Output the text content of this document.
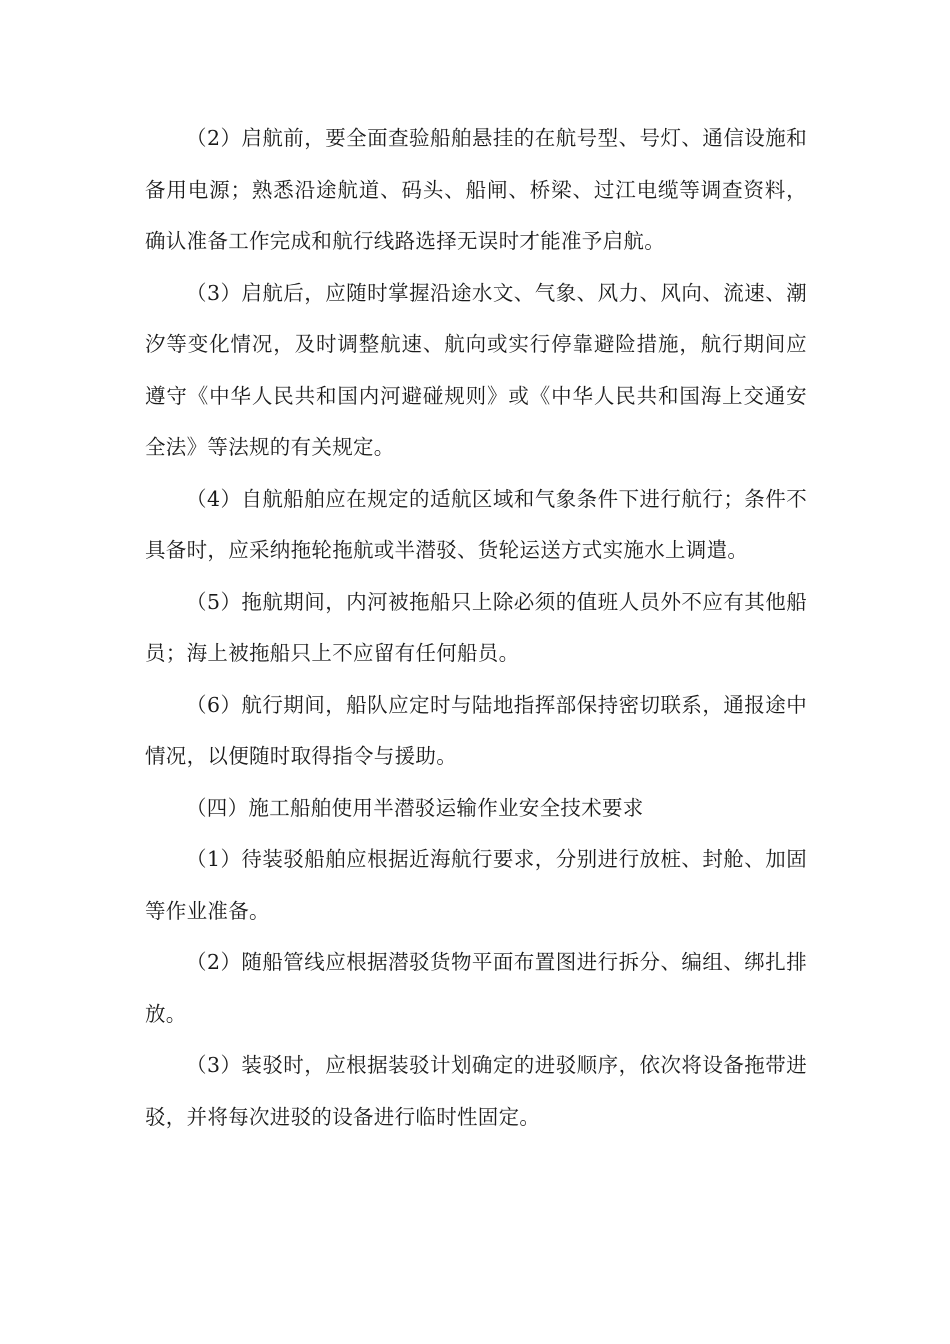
（2）启航前，要全面查验船舶悬挂的在航号型、号灯、通信设施和备用电源；熟悉沿途航道、码头、船闸、桥梁、过江电缆等调查资料，确认准备工作完成和航行线路选择无误时才能准予启航。

（3）启航后，应随时掌握沿途水文、气象、风力、风向、流速、潮汐等变化情况，及时调整航速、航向或实行停靠避险措施，航行期间应遵守《中华人民共和国内河避碰规则》或《中华人民共和国海上交通安全法》等法规的有关规定。

（4）自航船舶应在规定的适航区域和气象条件下进行航行；条件不具备时，应采纳拖轮拖航或半潜驳、货轮运送方式实施水上调遣。

（5）拖航期间，内河被拖船只上除必须的值班人员外不应有其他船员；海上被拖船只上不应留有任何船员。

（6）航行期间，船队应定时与陆地指挥部保持密切联系，通报途中情况，以便随时取得指令与援助。

（四）施工船舶使用半潜驳运输作业安全技术要求

（1）待装驳船舶应根据近海航行要求，分别进行放桩、封舱、加固等作业准备。

（2）随船管线应根据潜驳货物平面布置图进行拆分、编组、绑扎排放。

（3）装驳时，应根据装驳计划确定的进驳顺序，依次将设备拖带进驳，并将每次进驳的设备进行临时性固定。
